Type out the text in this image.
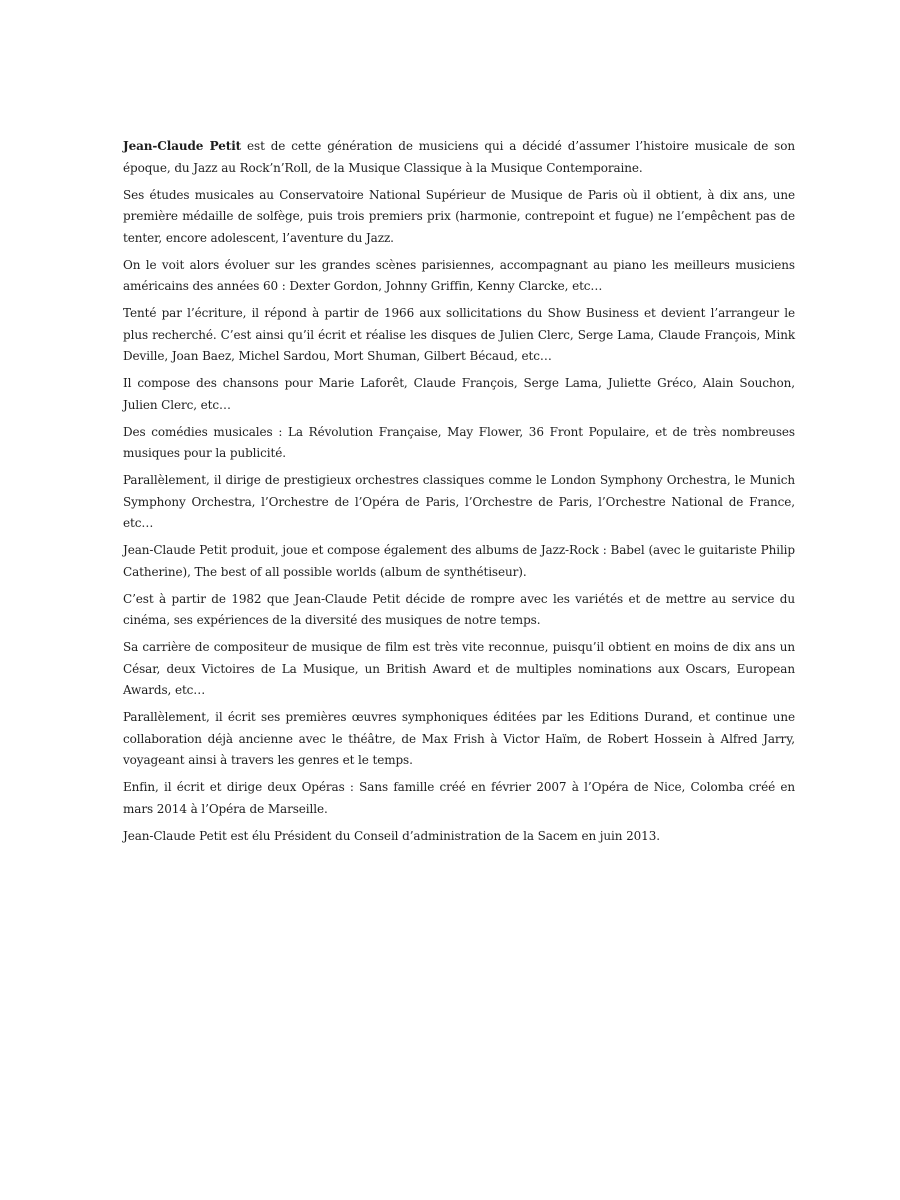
Jean-Claude Petit est de cette génération de musiciens qui a décidé d’assumer l’histoire musicale de son époque, du Jazz au Rock’n’Roll, de la Musique Classique à la Musique Contemporaine.

Ses études musicales au Conservatoire National Supérieur de Musique de Paris où il obtient, à dix ans, une première médaille de solfège, puis trois premiers prix (harmonie, contrepoint et fugue) ne l’empêchent pas de tenter, encore adolescent, l’aventure du Jazz.

On le voit alors évoluer sur les grandes scènes parisiennes, accompagnant au piano les meilleurs musiciens américains des années 60 : Dexter Gordon, Johnny Griffin, Kenny Clarcke, etc…

Tenté par l’écriture, il répond à partir de 1966 aux sollicitations du Show Business et devient l’arrangeur le plus recherché. C’est ainsi qu’il écrit et réalise les disques de Julien Clerc, Serge Lama, Claude François, Mink Deville, Joan Baez, Michel Sardou, Mort Shuman, Gilbert Bécaud, etc…

Il compose des chansons pour Marie Laforêt, Claude François, Serge Lama, Juliette Gréco, Alain Souchon, Julien Clerc, etc…

Des comédies musicales : La Révolution Française, May Flower, 36 Front Populaire, et de très nombreuses musiques pour la publicité.

Parallèlement, il dirige de prestigieux orchestres classiques comme le London Symphony Orchestra, le Munich Symphony Orchestra, l’Orchestre de l’Opéra de Paris, l’Orchestre de Paris, l’Orchestre National de France, etc…

Jean-Claude Petit produit, joue et compose également des albums de Jazz-Rock : Babel (avec le guitariste Philip Catherine), The best of all possible worlds (album de synthétiseur).

C’est à partir de 1982 que Jean-Claude Petit décide de rompre avec les variétés et de mettre au service du cinéma, ses expériences de la diversité des musiques de notre temps.

Sa carrière de compositeur de musique de film est très vite reconnue, puisqu’il obtient en moins de dix ans un César, deux Victoires de La Musique, un British Award et de multiples nominations aux Oscars, European Awards, etc…

Parallèlement, il écrit ses premières œuvres symphoniques éditées par les Editions Durand, et continue une collaboration déjà ancienne avec le théâtre, de Max Frish à Victor Haïm, de Robert Hossein à Alfred Jarry, voyageant ainsi à travers les genres et le temps.

Enfin, il écrit et dirige deux Opéras : Sans famille créé en février 2007 à l’Opéra de Nice, Colomba créé en mars 2014 à l’Opéra de Marseille.

Jean-Claude Petit est élu Président du Conseil d’administration de la Sacem en juin 2013.
